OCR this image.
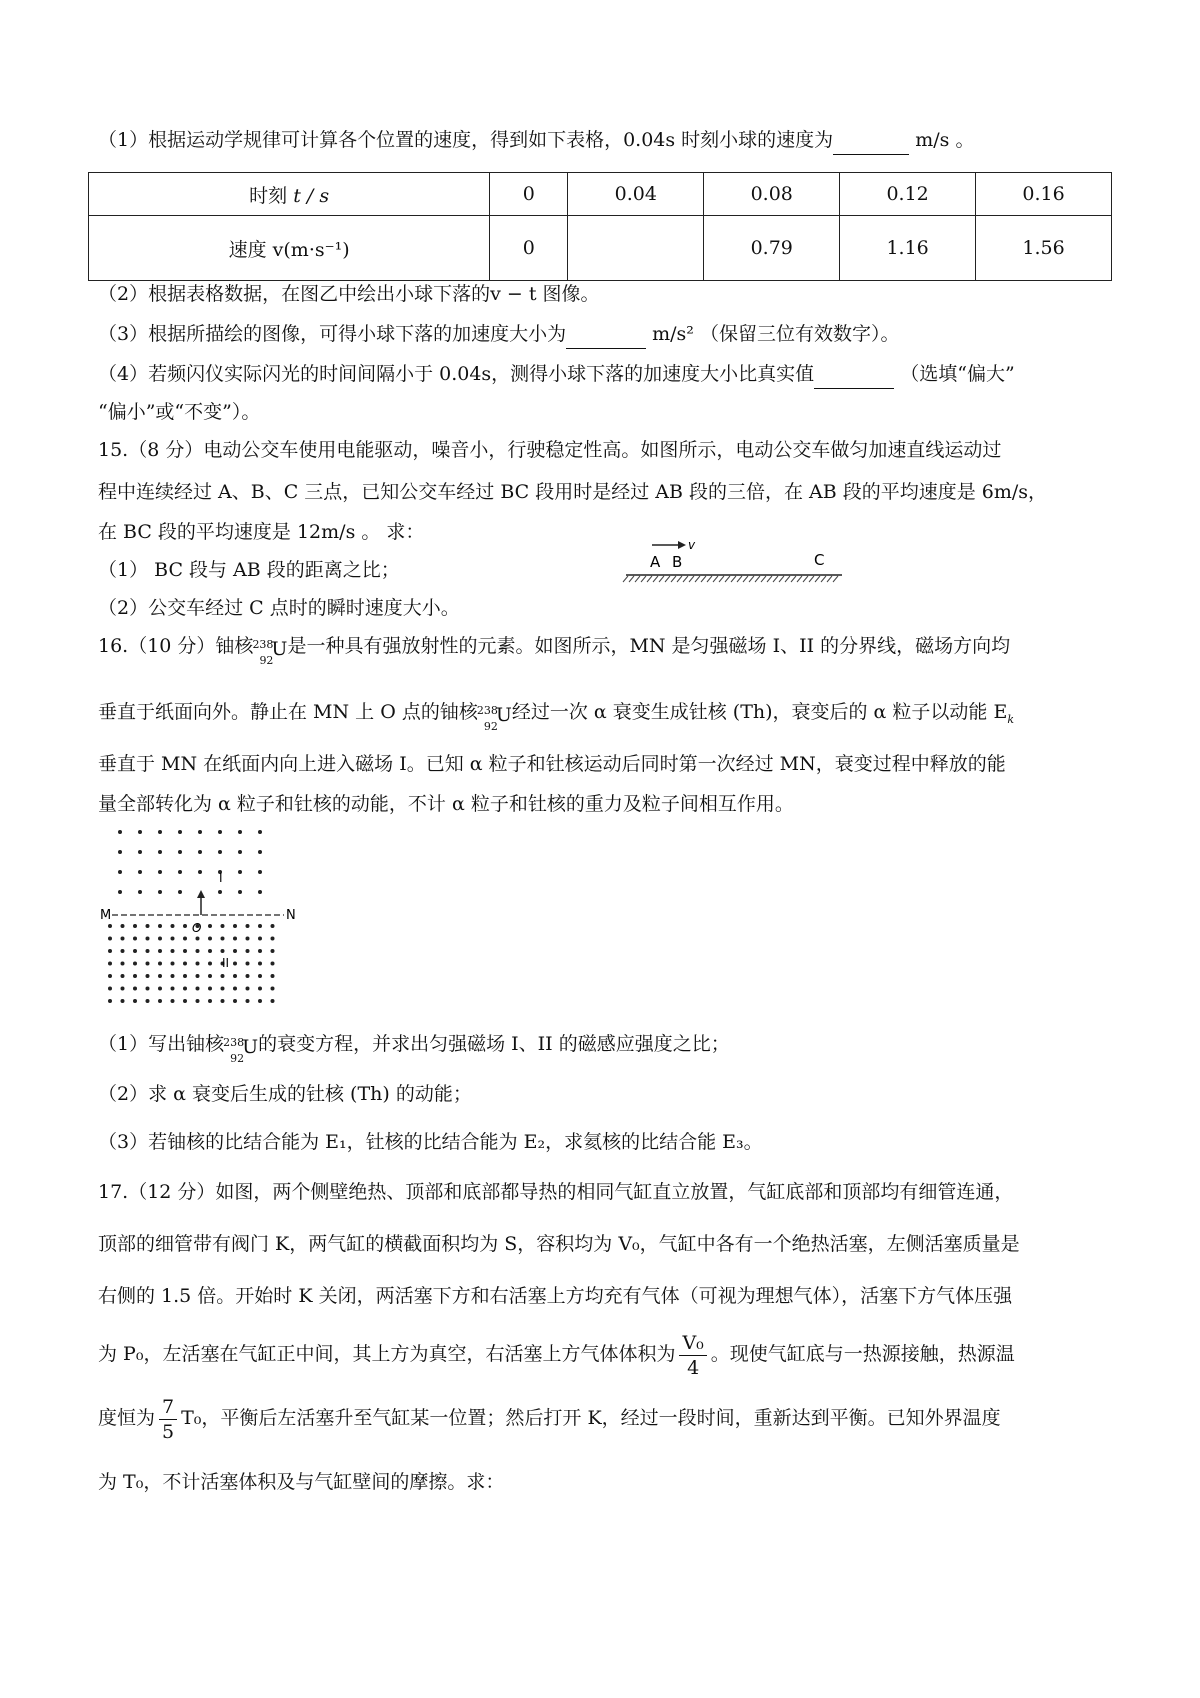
（1）根据运动学规律可计算各个位置的速度，得到如下表格，0.04s 时刻小球的速度为	m/s 。
时刻 t / s	0	0.04	0.08	0.12	0.16
速度 v(m·s⁻¹)	0		0.79	1.16	1.56
（2）根据表格数据，在图乙中绘出小球下落的v − t 图像。
（3）根据所描绘的图像，可得小球下落的加速度大小为	m/s² （保留三位有效数字）。
（4）若频闪仪实际闪光的时间间隔小于 0.04s，测得小球下落的加速度大小比真实值	（选填“偏大”
“偏小”或“不变”）。
15.（8 分）电动公交车使用电能驱动，噪音小，行驶稳定性高。如图所示，电动公交车做匀加速直线运动过
程中连续经过 A、B、C 三点，已知公交车经过 BC 段用时是经过 AB 段的三倍，在 AB 段的平均速度是 6m/s，
在 BC 段的平均速度是 12m/s 。 求：
（1） BC 段与 AB 段的距离之比；
（2）公交车经过 C 点时的瞬时速度大小。
v
A B	C
16.（10 分）铀核 238
92
U 是一种具有强放射性的元素。如图所示，MN 是匀强磁场 I、II 的分界线，磁场方向均
垂直于纸面向外。静止在 MN 上 O 点的铀核 238
92
U 经过一次 α 衰变生成钍核 (Th)，衰变后的 α 粒子以动能 $E_k$
垂直于 MN 在纸面内向上进入磁场 I。已知 α 粒子和钍核运动后同时第一次经过 MN，衰变过程中释放的能
量全部转化为 α 粒子和钍核的动能，不计 α 粒子和钍核的重力及粒子间相互作用。
M	N
O
I
II
（1）写出铀核 238
92
U 的衰变方程，并求出匀强磁场 I、II 的磁感应强度之比；
（2）求 α 衰变后生成的钍核 (Th) 的动能；
（3）若铀核的比结合能为 E₁，钍核的比结合能为 E₂，求氦核的比结合能 E₃。
17.（12 分）如图，两个侧壁绝热、顶部和底部都导热的相同气缸直立放置，气缸底部和顶部均有细管连通，
顶部的细管带有阀门 K，两气缸的横截面积均为 S，容积均为 V₀，气缸中各有一个绝热活塞，左侧活塞质量是
右侧的 1.5 倍。开始时 K 关闭，两活塞下方和右活塞上方均充有气体（可视为理想气体），活塞下方气体压强
为 P₀，左活塞在气缸正中间，其上方为真空，右活塞上方气体体积为 $\frac{\text{V₀}}{4}$ 。现使气缸底与一热源接触，热源温
度恒为 $\frac{7}{5} T_0$，平衡后左活塞升至气缸某一位置；然后打开 K，经过一段时间，重新达到平衡。已知外界温度
为 T₀，不计活塞体积及与气缸壁间的摩擦。求：
